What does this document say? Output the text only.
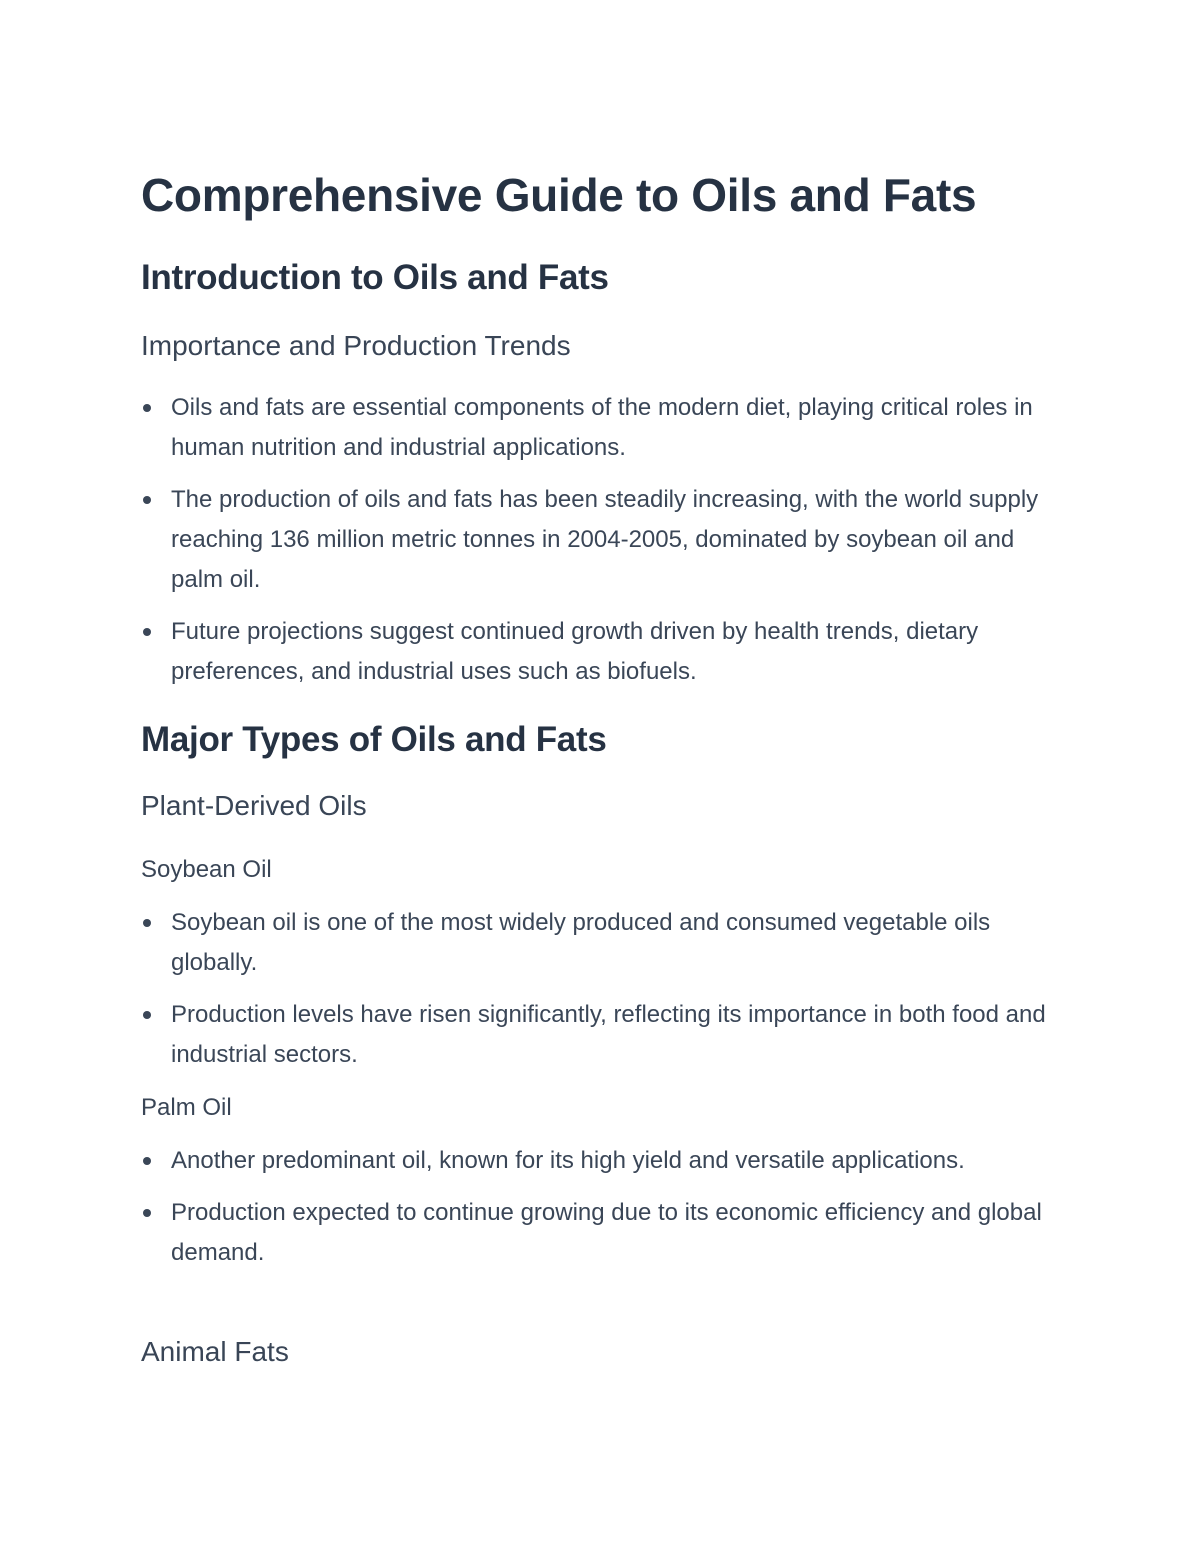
Comprehensive Guide to Oils and Fats
Introduction to Oils and Fats
Importance and Production Trends
Oils and fats are essential components of the modern diet, playing critical roles in human nutrition and industrial applications.
The production of oils and fats has been steadily increasing, with the world supply reaching 136 million metric tonnes in 2004-2005, dominated by soybean oil and palm oil.
Future projections suggest continued growth driven by health trends, dietary preferences, and industrial uses such as biofuels.
Major Types of Oils and Fats
Plant-Derived Oils
Soybean Oil
Soybean oil is one of the most widely produced and consumed vegetable oils globally.
Production levels have risen significantly, reflecting its importance in both food and industrial sectors.
Palm Oil
Another predominant oil, known for its high yield and versatile applications.
Production expected to continue growing due to its economic efficiency and global demand.
Animal Fats
